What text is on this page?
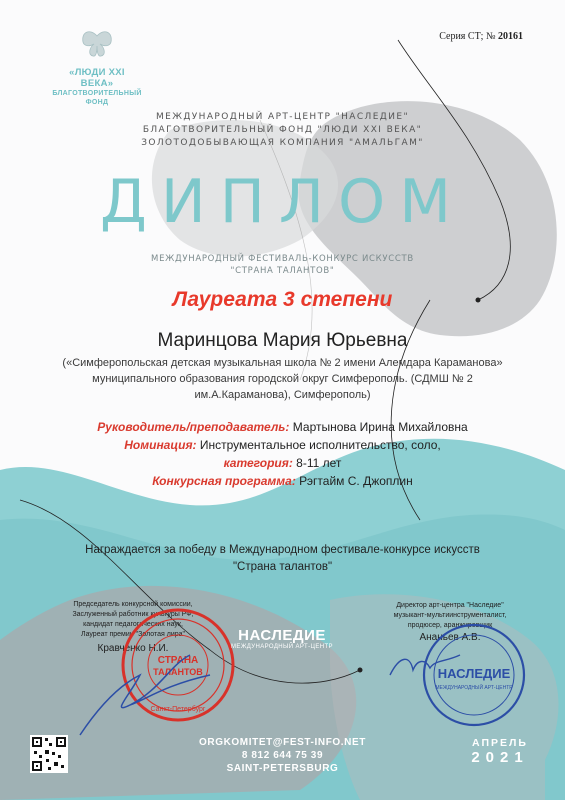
Серия СТ; № 20161
«ЛЮДИ XXI ВЕКА»
БЛАГОТВОРИТЕЛЬНЫЙ
ФОНД
МЕЖДУНАРОДНЫЙ АРТ-ЦЕНТР "НАСЛЕДИЕ"
БЛАГОТВОРИТЕЛЬНЫЙ ФОНД "ЛЮДИ XXI ВЕКА"
ЗОЛОТОДОБЫВАЮЩАЯ КОМПАНИЯ "АМАЛЬГАМ"
ДИПЛОМ
МЕЖДУНАРОДНЫЙ ФЕСТИВАЛЬ-КОНКУРС ИСКУССТВ
"СТРАНА ТАЛАНТОВ"
Лауреата 3 степени
Маринцова Мария Юрьевна
(«Симферопольская детская музыкальная школа № 2 имени Алемдара Караманова»
муниципального образования городской округ Симферополь. (СДМШ № 2
им.А.Караманова), Симферополь)
Руководитель/преподаватель: Мартынова Ирина Михайловна
Номинация: Инструментальное исполнительство, соло,
категория: 8-11 лет
Конкурсная программа: Рэгтайм С. Джоплин
Награждается за победу в Международном фестивале-конкурсе искусств
"Страна талантов"
Председатель конкурсной комиссии,
Заслуженный работник культуры РФ,
кандидат педагогических наук,
Лауреат премии "Золотая лира"
Кравченко Н.И.
СТРАНА
ТАЛАНТОВ
Санкт-Петербург
НАСЛЕДИЕ
МЕЖДУНАРОДНЫЙ АРТ-ЦЕНТР
Директор арт-центра "Наследие"
музыкант-мультиинструменталист,
продюсер, аранжировщик
Ананьев А.В.
НАСЛЕДИЕ
МЕЖДУНАРОДНЫЙ АРТ-ЦЕНТР
ORGKOMITET@FEST-INFO.NET
8 812 644 75 39
SAINT-PETERSBURG
АПРЕЛЬ
2021
